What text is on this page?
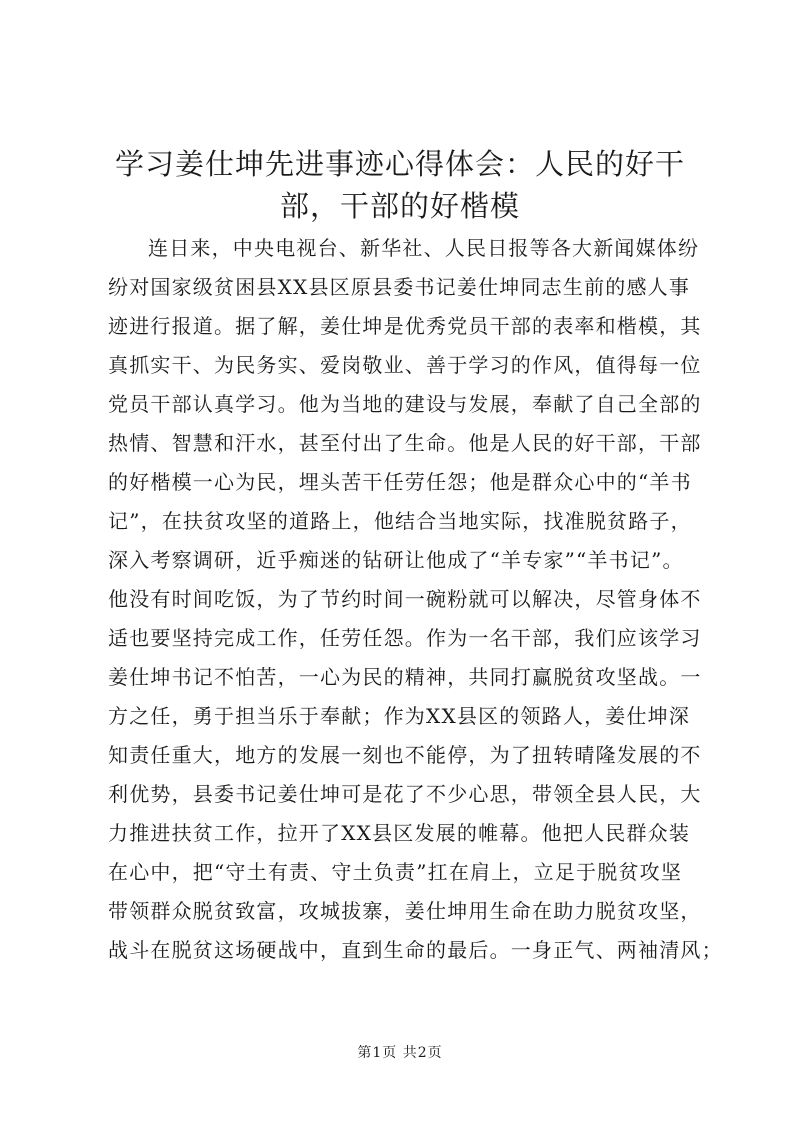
学习姜仕坤先进事迹心得体会：人民的好干
部，干部的好楷模

连日来，中央电视台、新华社、人民日报等各大新闻媒体纷

纷对国家级贫困县XX县区原县委书记姜仕坤同志生前的感人事

迹进行报道。据了解，姜仕坤是优秀党员干部的表率和楷模，其

真抓实干、为民务实、爱岗敬业、善于学习的作风，值得每一位

党员干部认真学习。他为当地的建设与发展，奉献了自己全部的

热情、智慧和汗水，甚至付出了生命。他是人民的好干部，干部

的好楷模一心为民，埋头苦干任劳任怨；他是群众心中的“羊书

记”，在扶贫攻坚的道路上，他结合当地实际，找准脱贫路子，

深入考察调研，近乎痴迷的钻研让他成了“羊专家”“羊书记”。

他没有时间吃饭，为了节约时间一碗粉就可以解决，尽管身体不

适也要坚持完成工作，任劳任怨。作为一名干部，我们应该学习

姜仕坤书记不怕苦，一心为民的精神，共同打赢脱贫攻坚战。一

方之任，勇于担当乐于奉献；作为XX县区的领路人，姜仕坤深

知责任重大，地方的发展一刻也不能停，为了扭转晴隆发展的不

利优势，县委书记姜仕坤可是花了不少心思，带领全县人民，大

力推进扶贫工作，拉开了XX县区发展的帷幕。他把人民群众装

在心中，把“守土有责、守土负责”扛在肩上，立足于脱贫攻坚

带领群众脱贫致富，攻城拔寨，姜仕坤用生命在助力脱贫攻坚，

战斗在脱贫这场硬战中，直到生命的最后。一身正气、两袖清风；

第1页 共2页
